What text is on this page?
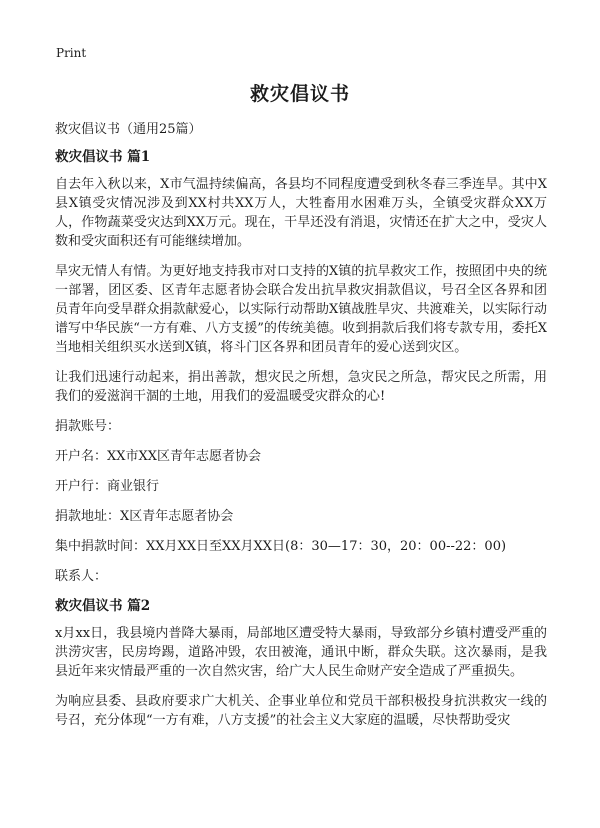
Print
救灾倡议书

救灾倡议书（通用25篇）

救灾倡议书 篇1

自去年入秋以来，X市气温持续偏高，各县均不同程度遭受到秋冬春三季连旱。其中X县X镇受灾情况涉及到XX村共XX万人，大牲畜用水困难万头，全镇受灾群众XX万人，作物蔬菜受灾达到XX万元。现在，干旱还没有消退，灾情还在扩大之中，受灾人数和受灾面积还有可能继续增加。

旱灾无情人有情。为更好地支持我市对口支持的X镇的抗旱救灾工作，按照团中央的统一部署，团区委、区青年志愿者协会联合发出抗旱救灾捐款倡议，号召全区各界和团员青年向受旱群众捐款献爱心，以实际行动帮助X镇战胜旱灾、共渡难关，以实际行动谱写中华民族“一方有难、八方支援”的传统美德。收到捐款后我们将专款专用，委托X当地相关组织买水送到X镇，将斗门区各界和团员青年的爱心送到灾区。

让我们迅速行动起来，捐出善款，想灾民之所想，急灾民之所急，帮灾民之所需，用我们的爱滋润干涸的土地，用我们的爱温暖受灾群众的心!

捐款账号：

开户名：XX市XX区青年志愿者协会

开户行：商业银行

捐款地址：X区青年志愿者协会

集中捐款时间：XX月XX日至XX月XX日(8：30—17：30，20：00--22：00)

联系人：

救灾倡议书 篇2

x月xx日，我县境内普降大暴雨，局部地区遭受特大暴雨，导致部分乡镇村遭受严重的洪涝灾害，民房垮踢，道路冲毁，农田被淹，通讯中断，群众失联。这次暴雨，是我县近年来灾情最严重的一次自然灾害，给广大人民生命财产安全造成了严重损失。

为响应县委、县政府要求广大机关、企事业单位和党员干部积极投身抗洪救灾一线的号召，充分体现“一方有难，八方支援”的社会主义大家庭的温暖，尽快帮助受灾
